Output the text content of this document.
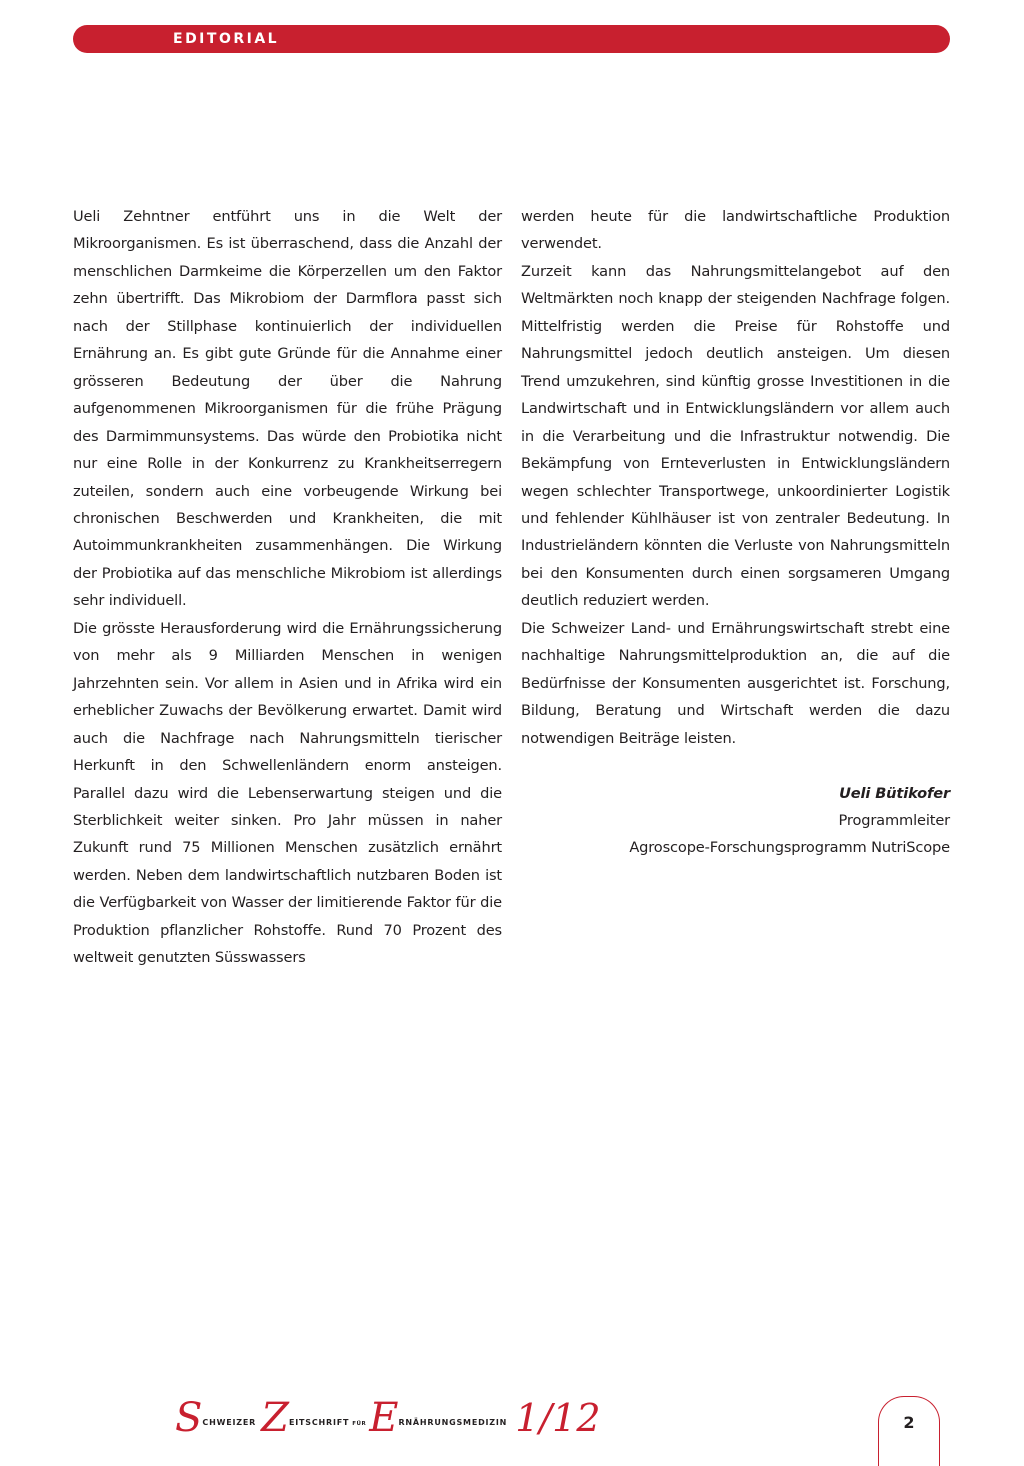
EDITORIAL

Ueli Zehntner entführt uns in die Welt der Mikroorganismen. Es ist überraschend, dass die Anzahl der menschlichen Darmkeime die Körperzellen um den Faktor zehn übertrifft. Das Mikrobiom der Darmflora passt sich nach der Stillphase kontinuierlich der individuellen Ernährung an. Es gibt gute Gründe für die Annahme einer grösseren Bedeutung der über die Nahrung aufgenommenen Mikroorganismen für die frühe Prägung des Darmimmunsystems. Das würde den Probiotika nicht nur eine Rolle in der Konkurrenz zu Krankheitserregern zuteilen, sondern auch eine vorbeugende Wirkung bei chronischen Beschwerden und Krankheiten, die mit Autoimmunkrankheiten zusammenhängen. Die Wirkung der Probiotika auf das menschliche Mikrobiom ist allerdings sehr individuell.

Die grösste Herausforderung wird die Ernährungssicherung von mehr als 9 Milliarden Menschen in wenigen Jahrzehnten sein. Vor allem in Asien und in Afrika wird ein erheblicher Zuwachs der Bevölkerung erwartet. Damit wird auch die Nachfrage nach Nahrungsmitteln tierischer Herkunft in den Schwellenländern enorm ansteigen. Parallel dazu wird die Lebenserwartung steigen und die Sterblichkeit weiter sinken. Pro Jahr müssen in naher Zukunft rund 75 Millionen Menschen zusätzlich ernährt werden. Neben dem landwirtschaftlich nutzbaren Boden ist die Verfügbarkeit von Wasser der limitierende Faktor für die Produktion pflanzlicher Rohstoffe. Rund 70 Prozent des weltweit genutzten Süsswassers

werden heute für die landwirtschaftliche Produktion verwendet.

Zurzeit kann das Nahrungsmittelangebot auf den Weltmärkten noch knapp der steigenden Nachfrage folgen. Mittelfristig werden die Preise für Rohstoffe und Nahrungsmittel jedoch deutlich ansteigen. Um diesen Trend umzukehren, sind künftig grosse Investitionen in die Landwirtschaft und in Entwicklungsländern vor allem auch in die Verarbeitung und die Infrastruktur notwendig. Die Bekämpfung von Ernteverlusten in Entwicklungsländern wegen schlechter Transportwege, unkoordinierter Logistik und fehlender Kühlhäuser ist von zentraler Bedeutung. In Industrieländern könnten die Verluste von Nahrungsmitteln bei den Konsumenten durch einen sorgsameren Umgang deutlich reduziert werden.

Die Schweizer Land- und Ernährungswirtschaft strebt eine nachhaltige Nahrungsmittelproduktion an, die auf die Bedürfnisse der Konsumenten ausgerichtet ist. Forschung, Bildung, Beratung und Wirtschaft werden die dazu notwendigen Beiträge leisten.

Ueli Bütikofer
Programmleiter
Agroscope-Forschungsprogramm NutriScope
$S^{CHWEIZER}$ $Z^{EITSCHRIFT}$ $^{FÜR}E^{RNÄHRUNGSMEDIZIN}$ 1/12	2
